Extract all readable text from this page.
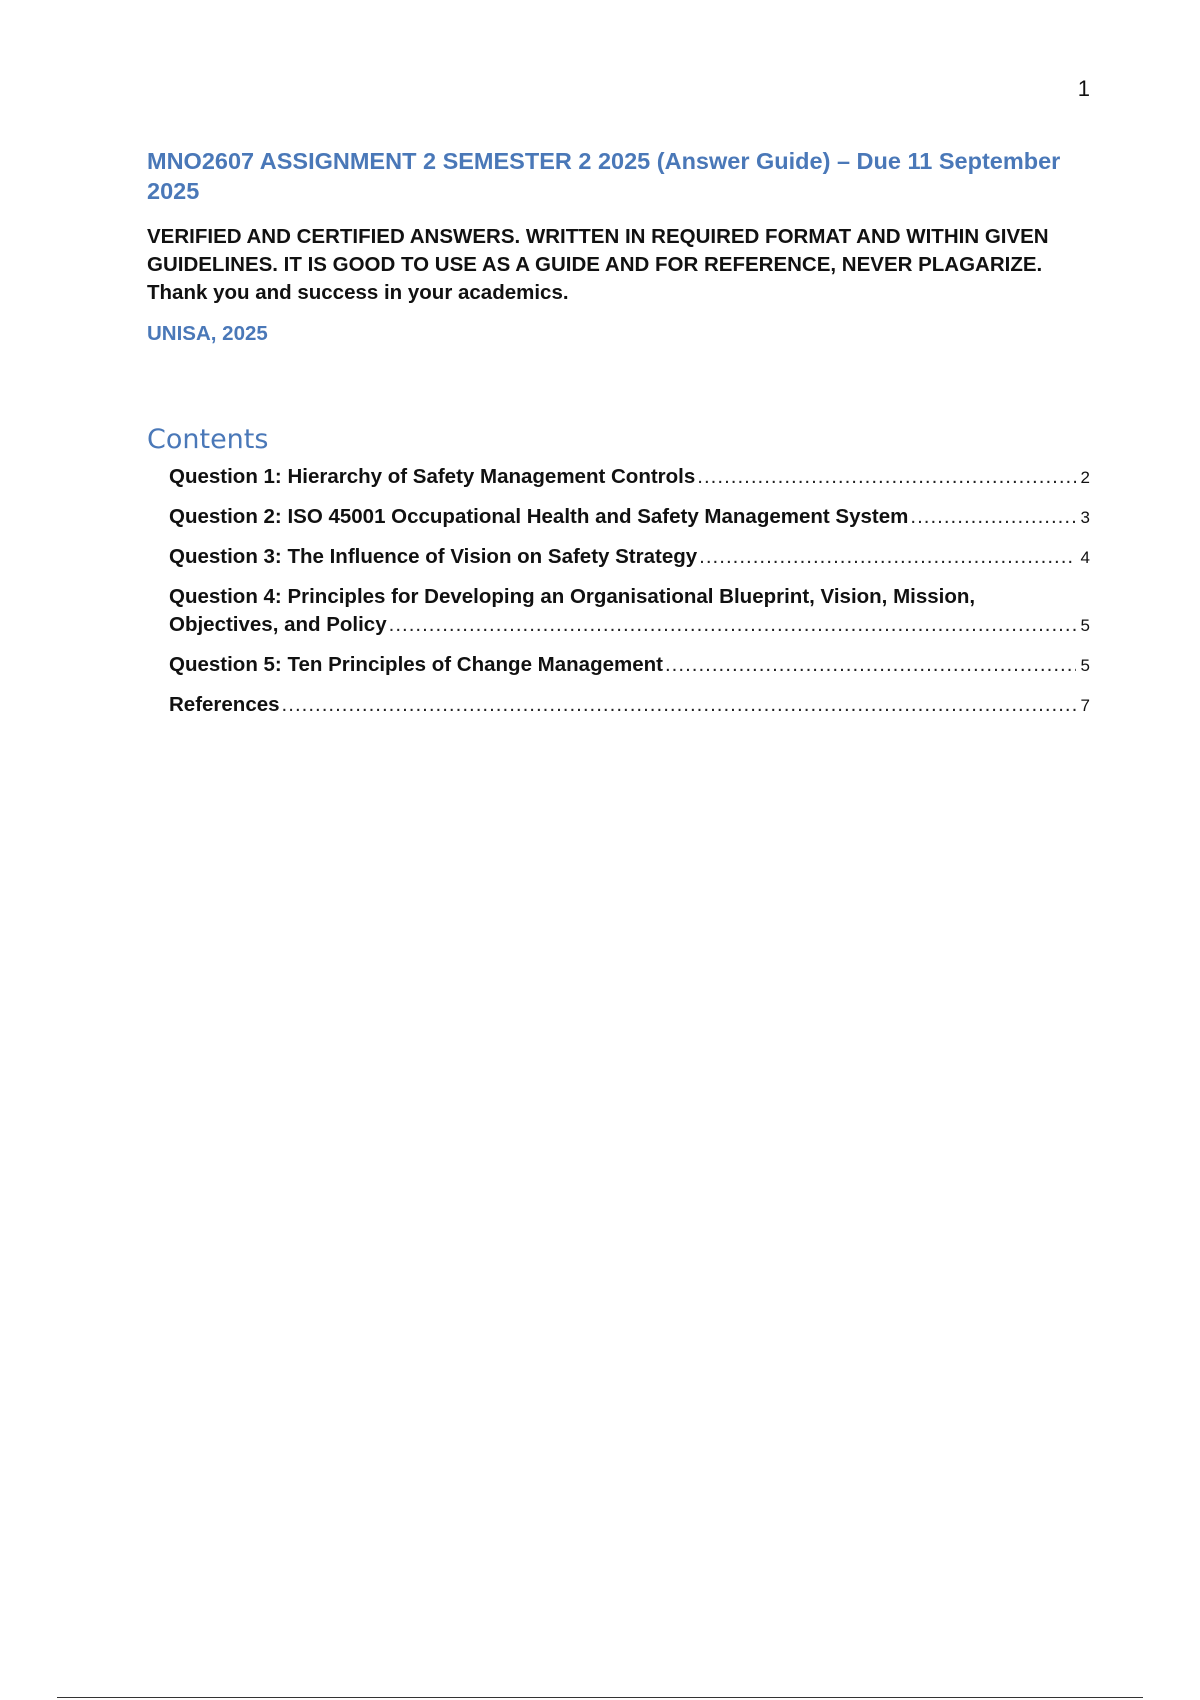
1
MNO2607 ASSIGNMENT 2 SEMESTER 2 2025 (Answer Guide) – Due 11 September 2025

VERIFIED AND CERTIFIED ANSWERS. WRITTEN IN REQUIRED FORMAT AND WITHIN GIVEN GUIDELINES. IT IS GOOD TO USE AS A GUIDE AND FOR REFERENCE, NEVER PLAGARIZE. Thank you and success in your academics.

UNISA, 2025

Contents
Question 1: Hierarchy of Safety Management Controls .....	2
Question 2: ISO 45001 Occupational Health and Safety Management System .....	3
Question 3: The Influence of Vision on Safety Strategy .....	4
Question 4: Principles for Developing an Organisational Blueprint, Vision, Mission,
Objectives, and Policy .....	5
Question 5: Ten Principles of Change Management .....	5
References .....	7
